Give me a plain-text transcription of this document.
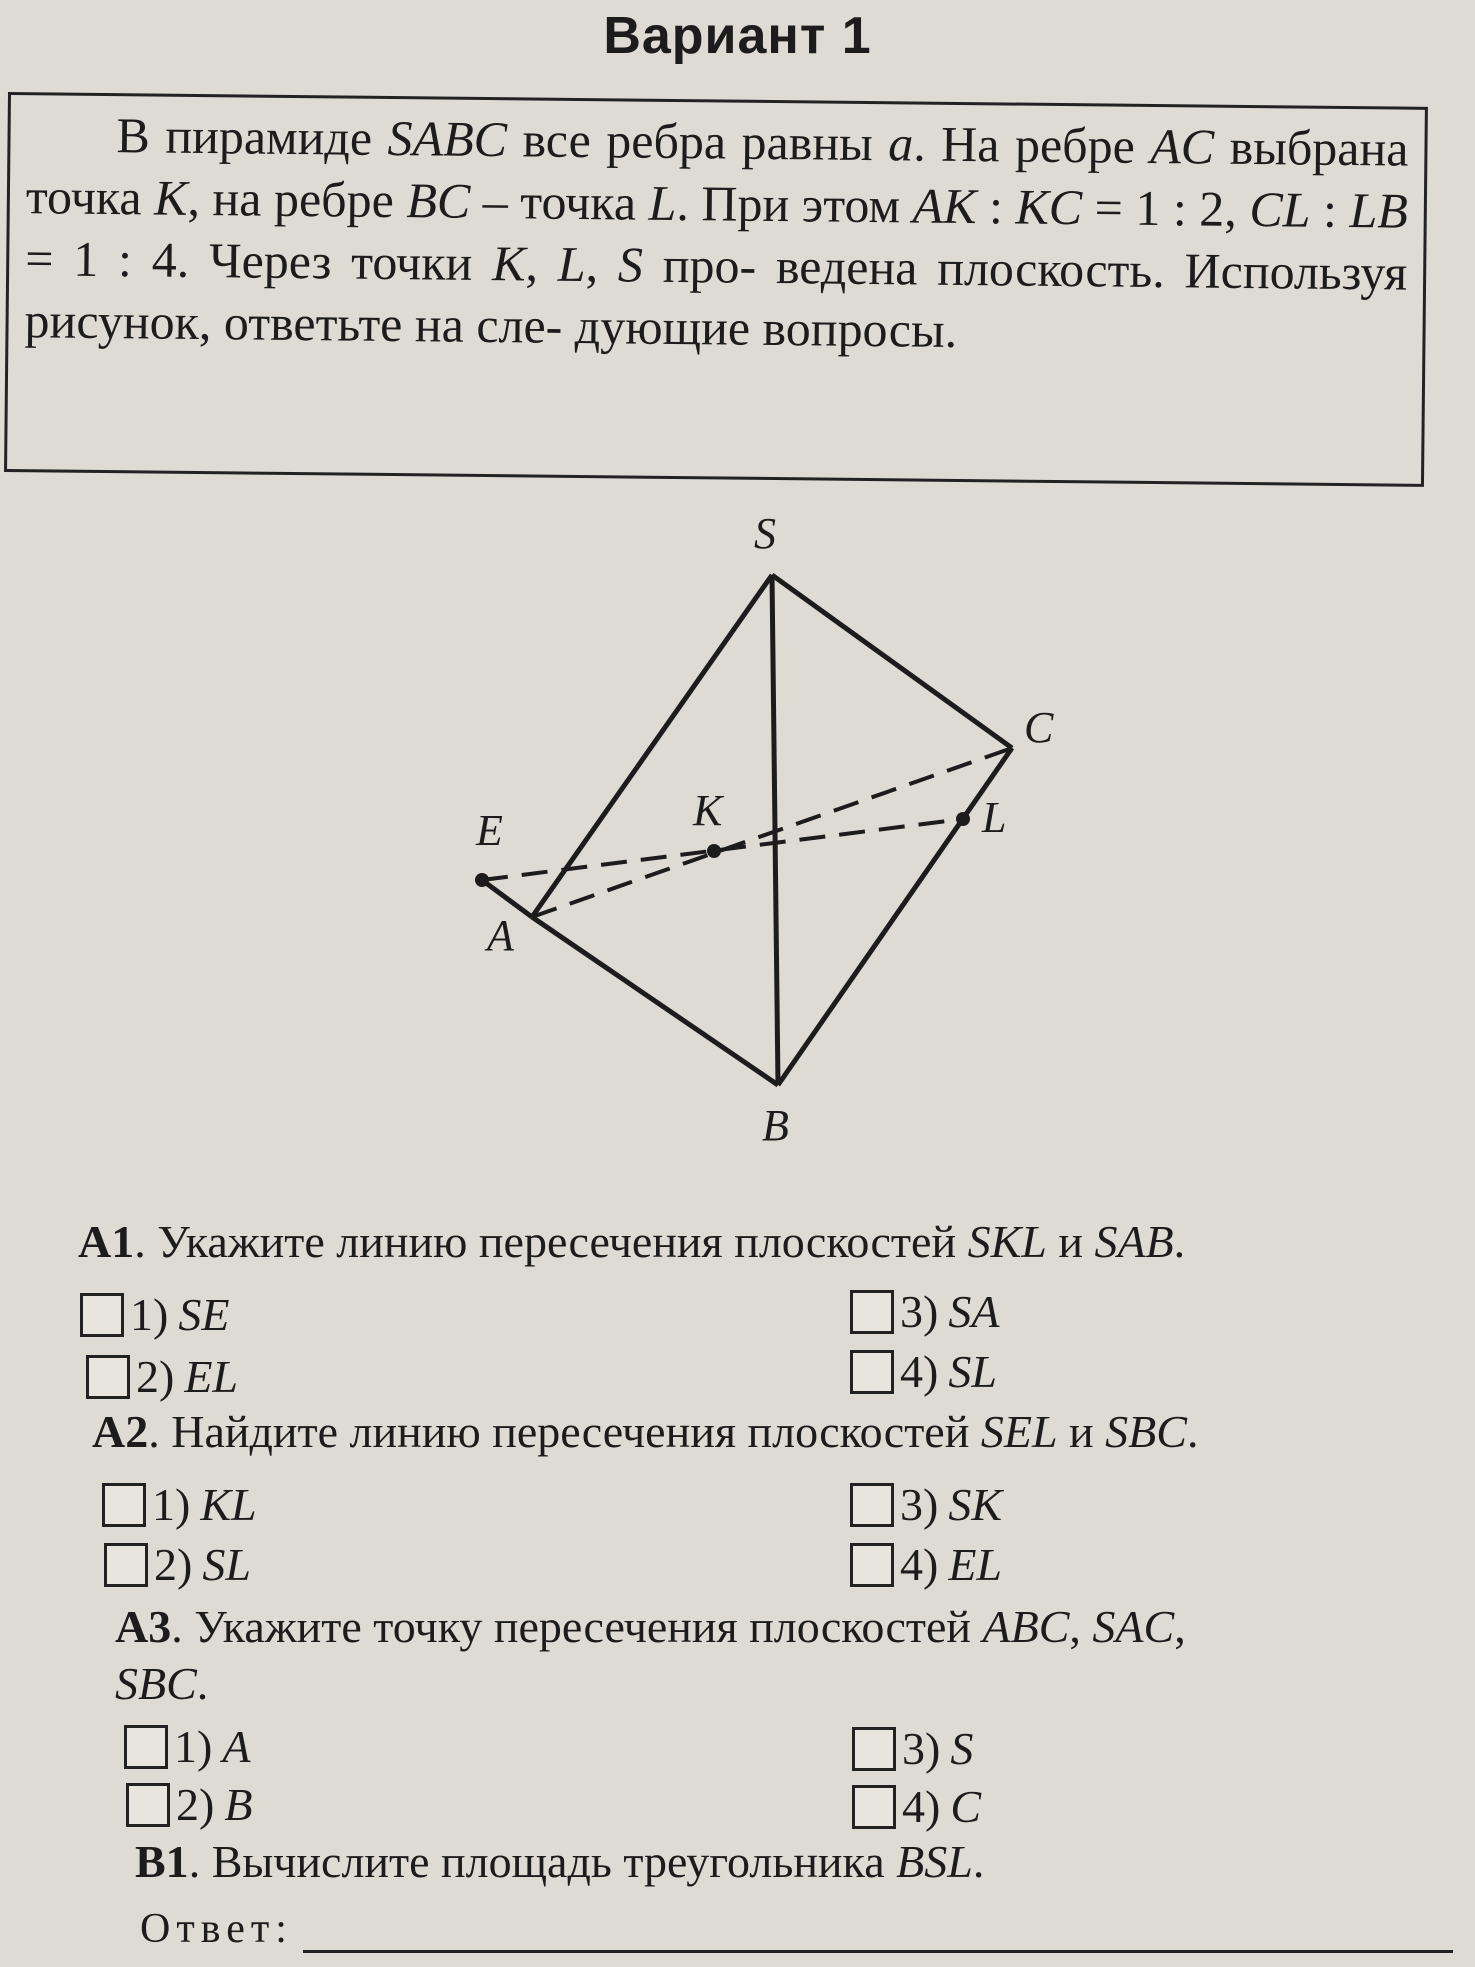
Вариант 1

В пирамиде SABC все ребра равны a. На ребре AC выбрана точка K, на ребре BC – точка L. При этом AK : KC = 1 : 2, CL : LB = 1 : 4. Через точки K, L, S про- ведена плоскость. Используя рисунок, ответьте на сле- дующие вопросы.

S
C
K	L
E
A
B
A1. Укажите линию пересечения плоскостей SKL и SAB.
1) SE
2) EL
3) SA
4) SL
A2. Найдите линию пересечения плоскостей SEL и SBC.
1) KL
2) SL
3) SK
4) EL
A3. Укажите точку пересечения плоскостей ABC, SAC,
SBC.
1) A
2) B
3) S
4) C
B1. Вычислите площадь треугольника BSL.
Ответ:
